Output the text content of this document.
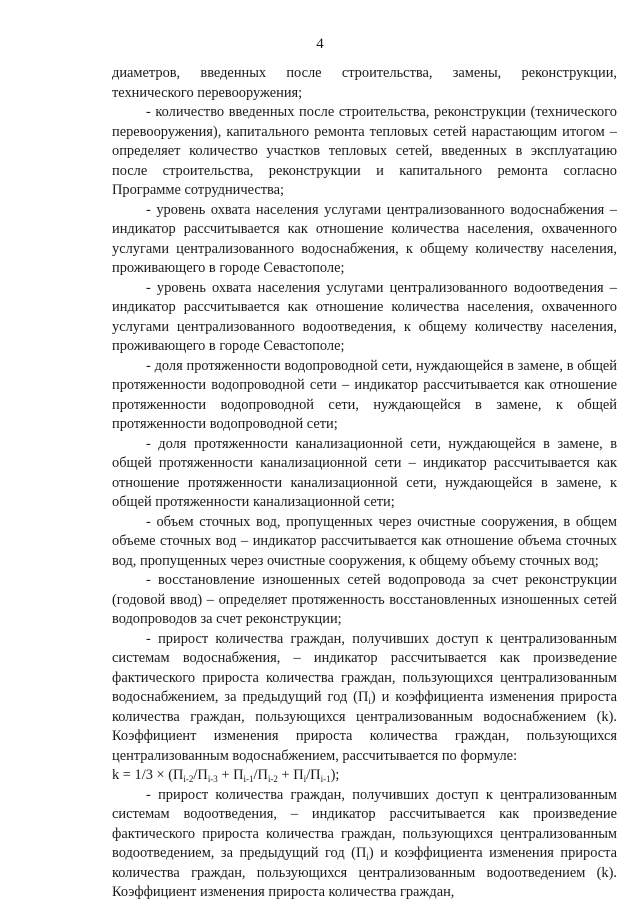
4

диаметров, введенных после строительства, замены, реконструкции, технического перевооружения;

- количество введенных после строительства, реконструкции (технического перевооружения), капитального ремонта тепловых сетей нарастающим итогом – определяет количество участков тепловых сетей, введенных в эксплуатацию после строительства, реконструкции и капитального ремонта согласно Программе сотрудничества;

- уровень охвата населения услугами централизованного водоснабжения – индикатор рассчитывается как отношение количества населения, охваченного услугами централизованного водоснабжения, к общему количеству населения, проживающего в городе Севастополе;

- уровень охвата населения услугами централизованного водоотведения – индикатор рассчитывается как отношение количества населения, охваченного услугами централизованного водоотведения, к общему количеству населения, проживающего в городе Севастополе;

- доля протяженности водопроводной сети, нуждающейся в замене, в общей протяженности водопроводной сети – индикатор рассчитывается как отношение протяженности водопроводной сети, нуждающейся в замене, к общей протяженности водопроводной сети;

- доля протяженности канализационной сети, нуждающейся в замене, в общей протяженности канализационной сети – индикатор рассчитывается как отношение протяженности канализационной сети, нуждающейся в замене, к общей протяженности канализационной сети;

- объем сточных вод, пропущенных через очистные сооружения, в общем объеме сточных вод – индикатор рассчитывается как отношение объема сточных вод, пропущенных через очистные сооружения, к общему объему сточных вод;

- восстановление изношенных сетей водопровода за счет реконструкции (годовой ввод) – определяет протяженность восстановленных изношенных сетей водопроводов за счет реконструкции;

- прирост количества граждан, получивших доступ к централизованным системам водоснабжения, – индикатор рассчитывается как произведение фактического прироста количества граждан, пользующихся централизованным водоснабжением, за предыдущий год $(П_i)$ и коэффициента изменения прироста количества граждан, пользующихся централизованным водоснабжением (k). Коэффициент изменения прироста количества граждан, пользующихся централизованным водоснабжением, рассчитывается по формуле:

$k = 1/3 \times (П_{i-2}/П_{i-3} + П_{i-1}/П_{i-2} + П_i/П_{i-1})$;

- прирост количества граждан, получивших доступ к централизованным системам водоотведения, – индикатор рассчитывается как произведение фактического прироста количества граждан, пользующихся централизованным водоотведением, за предыдущий год $(П_i)$ и коэффициента изменения прироста количества граждан, пользующихся централизованным водоотведением (k). Коэффициент изменения прироста количества граждан,
